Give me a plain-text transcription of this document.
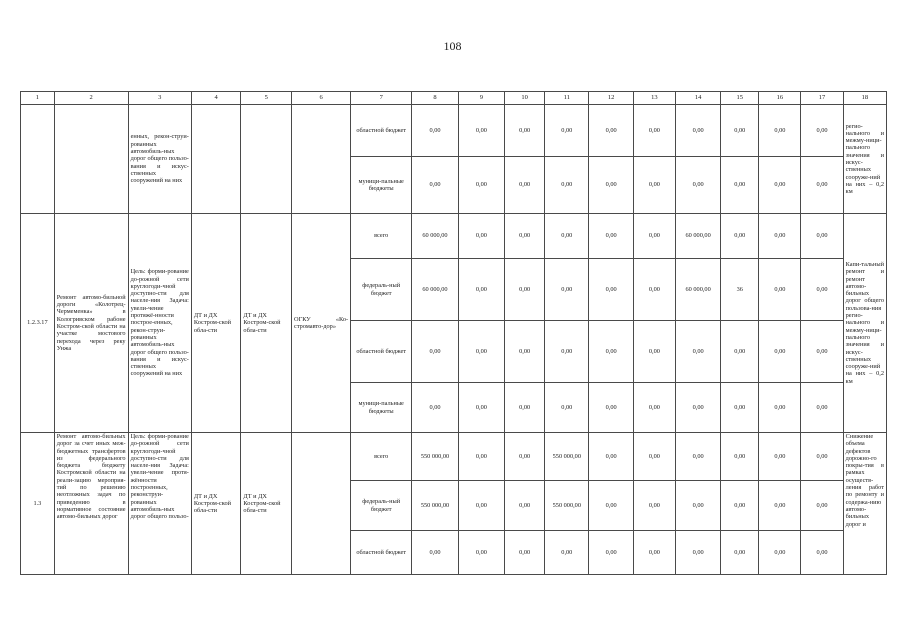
108
1	2	3	4	5	6	7	8	9	10	11	12	13	14	15	16	17	18
		енных, рекон-струи-рованных автомобиль-ных дорог общего пользо-вания и искус-ственных сооружений на них				областной бюджет	0,00	0,00	0,00	0,00	0,00	0,00	0,00	0,00	0,00	0,00	регио-нального и межму-ници-пального значения и искус-ственных сооруже-ний на них – 0,2 км
						муници-пальные бюджеты	0,00	0,00	0,00	0,00	0,00	0,00	0,00	0,00	0,00	0,00	
1.2.3.17	Ремонт автомо-бильной дороги «Колотрец-Чермеменка» в Кологривском рабоне Костром-ской области на участке мостового перехода через реку Унжа	Цель: форми-рование до-рожной сети круглогоди-чной доступно-сти для населе-ния Задача: увели-чение протяжё-нности построе-енных, рекон-струи-рованных автомобиль-ных дорог общего пользо-вания и искус-ственных сооружений на них	ДТ и ДХ Костром-ской обла-сти	ДТ и ДХ Костром-ской обла-сти	ОГКУ «Ко-стромавто-дор»	всего	60 000,00	0,00	0,00	0,00	0,00	0,00	60 000,00	0,00	0,00	0,00	Капи-тальный ремонт и ремонт автомо-бильных дорог общего пользова-ния регио-нального и межму-ници-пального значения и искус-ственных сооруже-ний на них – 0,2 км
						федераль-ный бюджет	60 000,00	0,00	0,00	0,00	0,00	0,00	60 000,00	36	0,00	0,00	
						областной бюджет	0,00	0,00	0,00	0,00	0,00	0,00	0,00	0,00	0,00	0,00	
						муници-пальные бюджеты	0,00	0,00	0,00	0,00	0,00	0,00	0,00	0,00	0,00	0,00	
1.3	Ремонт автомо-бильных дорог за счет иных меж-бюджетных трансфертов из федерального бюджета бюджету Костромской области на реали-зацию мероприя-тий по решению неотложных задач по приведению в нормативное состояние автомо-бильных дорог	Цель: форми-рование до-рожной сети круглогоди-чной доступно-сти для населе-ния Задача: увели-чение протя-жённости построенных, реконструи-рованных автомобиль-ных дорог общего пользо-	ДТ и ДХ Костром-ской обла-сти	ДТ и ДХ Костром-ской обла-сти		всего	550 000,00	0,00	0,00	550 000,00	0,00	0,00	0,00	0,00	0,00	0,00	Снижение объема дефектов дорожно-го покры-тия в рамках осуществ-ления работ по ремонту и содержа-нию автомо-бильных дорог и
						федераль-ный бюджет	550 000,00	0,00	0,00	550 000,00	0,00	0,00	0,00	0,00	0,00	0,00	
						областной бюджет	0,00	0,00	0,00	0,00	0,00	0,00	0,00	0,00	0,00	0,00	
